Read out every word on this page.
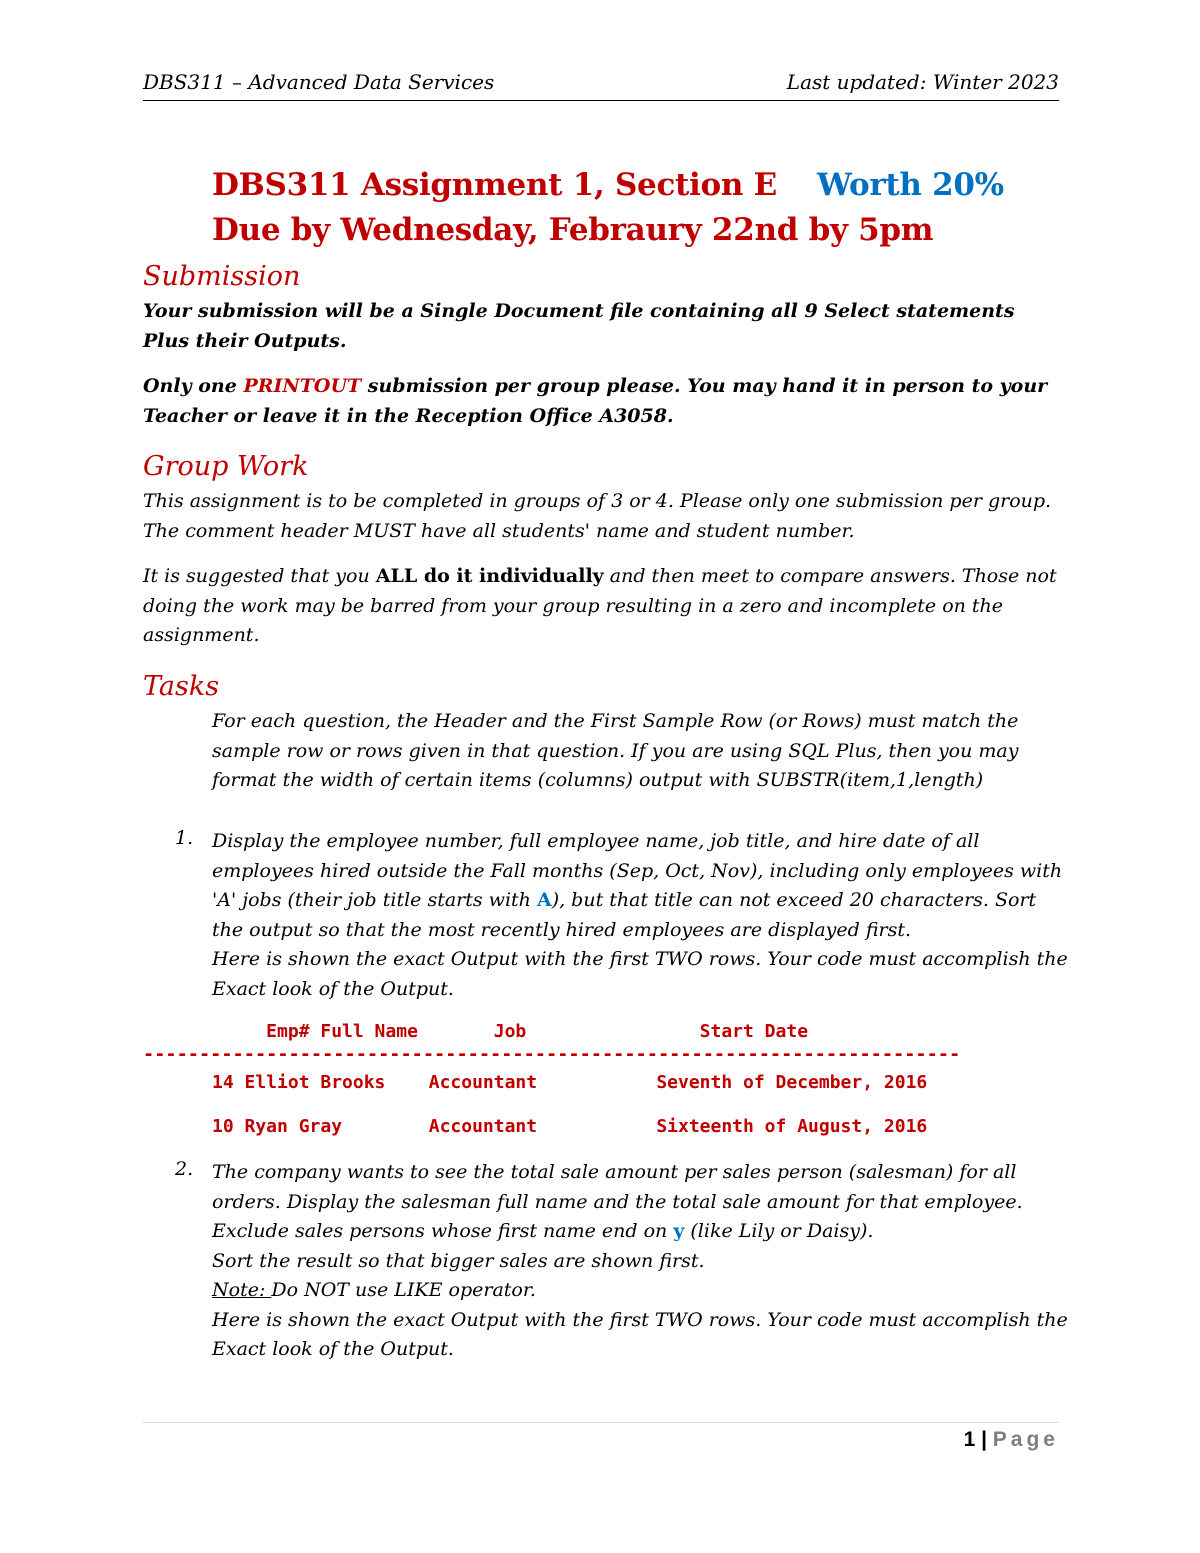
DBS311 – Advanced Data Services	Last updated: Winter 2023
DBS311 Assignment 1, Section E Worth 20%
Due by Wednesday, Febraury 22nd by 5pm
Submission
Your submission will be a Single Document file containing all 9 Select statements Plus their Outputs.
Only one PRINTOUT submission per group please. You may hand it in person to your Teacher or leave it in the Reception Office A3058.
Group Work
This assignment is to be completed in groups of 3 or 4. Please only one submission per group. The comment header MUST have all students' name and student number.
It is suggested that you ALL do it individually and then meet to compare answers. Those not doing the work may be barred from your group resulting in a zero and incomplete on the assignment.
Tasks
For each question, the Header and the First Sample Row (or Rows) must match the sample row or rows given in that question. If you are using SQL Plus, then you may format the width of certain items (columns) output with SUBSTR(item,1,length)
1. Display the employee number, full employee name, job title, and hire date of all employees hired outside the Fall months (Sep, Oct, Nov), including only employees with 'A' jobs (their job title starts with A), but that title can not exceed 20 characters. Sort the output so that the most recently hired employees are displayed first.
Here is shown the exact Output with the first TWO rows. Your code must accomplish the Exact look of the Output.
Emp# Full Name       Job                Start Date
-------------------------------------------------------------------------
14 Elliot Brooks    Accountant           Seventh of December, 2016
10 Ryan Gray        Accountant           Sixteenth of August, 2016
2. The company wants to see the total sale amount per sales person (salesman) for all orders. Display the salesman full name and the total sale amount for that employee. Exclude sales persons whose first name end on y (like Lily or Daisy).
Sort the result so that bigger sales are shown first.
Note: Do NOT use LIKE operator.
Here is shown the exact Output with the first TWO rows. Your code must accomplish the Exact look of the Output.
1 | Page
